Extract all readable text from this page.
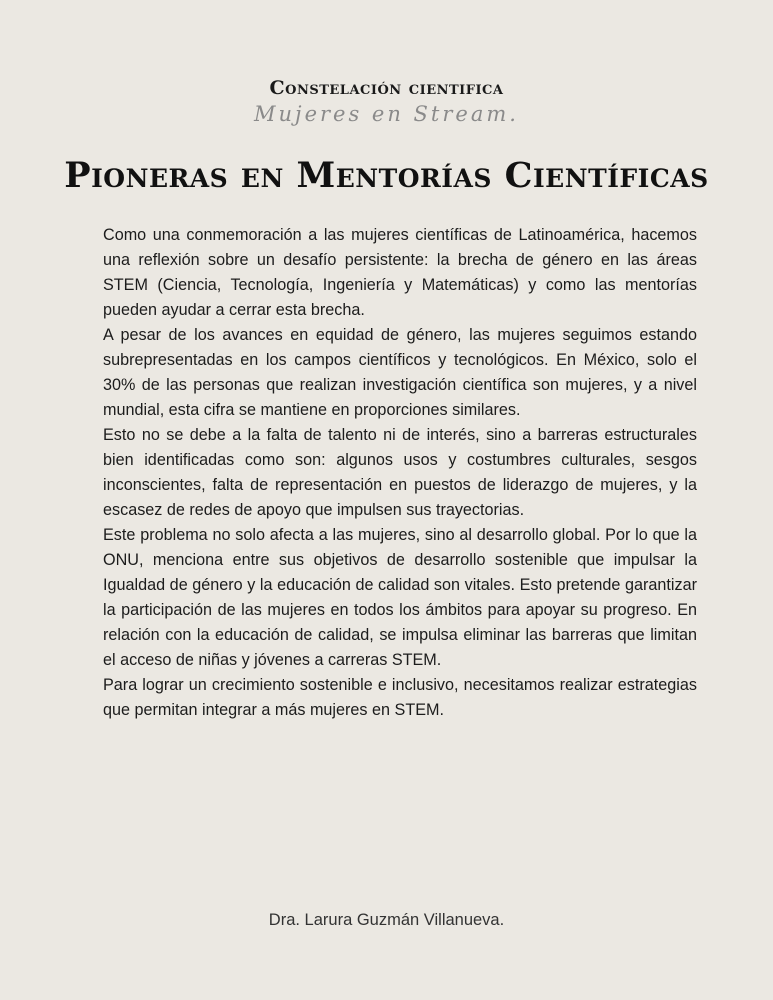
Constelación cientifica
Mujeres en Stream.
Pioneras en Mentorías Científicas

Como una conmemoración a las mujeres científicas de Latinoamérica, hacemos una reflexión sobre un desafío persistente: la brecha de género en las áreas STEM (Ciencia, Tecnología, Ingeniería y Matemáticas) y como las mentorías pueden ayudar a cerrar esta brecha.

A pesar de los avances en equidad de género, las mujeres seguimos estando subrepresentadas en los campos científicos y tecnológicos. En México, solo el 30% de las personas que realizan investigación científica son mujeres, y a nivel mundial, esta cifra se mantiene en proporciones similares.

Esto no se debe a la falta de talento ni de interés, sino a barreras estructurales bien identificadas como son: algunos usos y costumbres culturales, sesgos inconscientes, falta de representación en puestos de liderazgo de mujeres, y la escasez de redes de apoyo que impulsen sus trayectorias.

Este problema no solo afecta a las mujeres, sino al desarrollo global. Por lo que la ONU, menciona entre sus objetivos de desarrollo sostenible que impulsar la Igualdad de género y la educación de calidad son vitales. Esto pretende garantizar la participación de las mujeres en todos los ámbitos para apoyar su progreso. En relación con la educación de calidad, se impulsa eliminar las barreras que limitan el acceso de niñas y jóvenes a carreras STEM.

Para lograr un crecimiento sostenible e inclusivo, necesitamos realizar estrategias que permitan integrar a más mujeres en STEM.

Dra. Larura Guzmán Villanueva.
